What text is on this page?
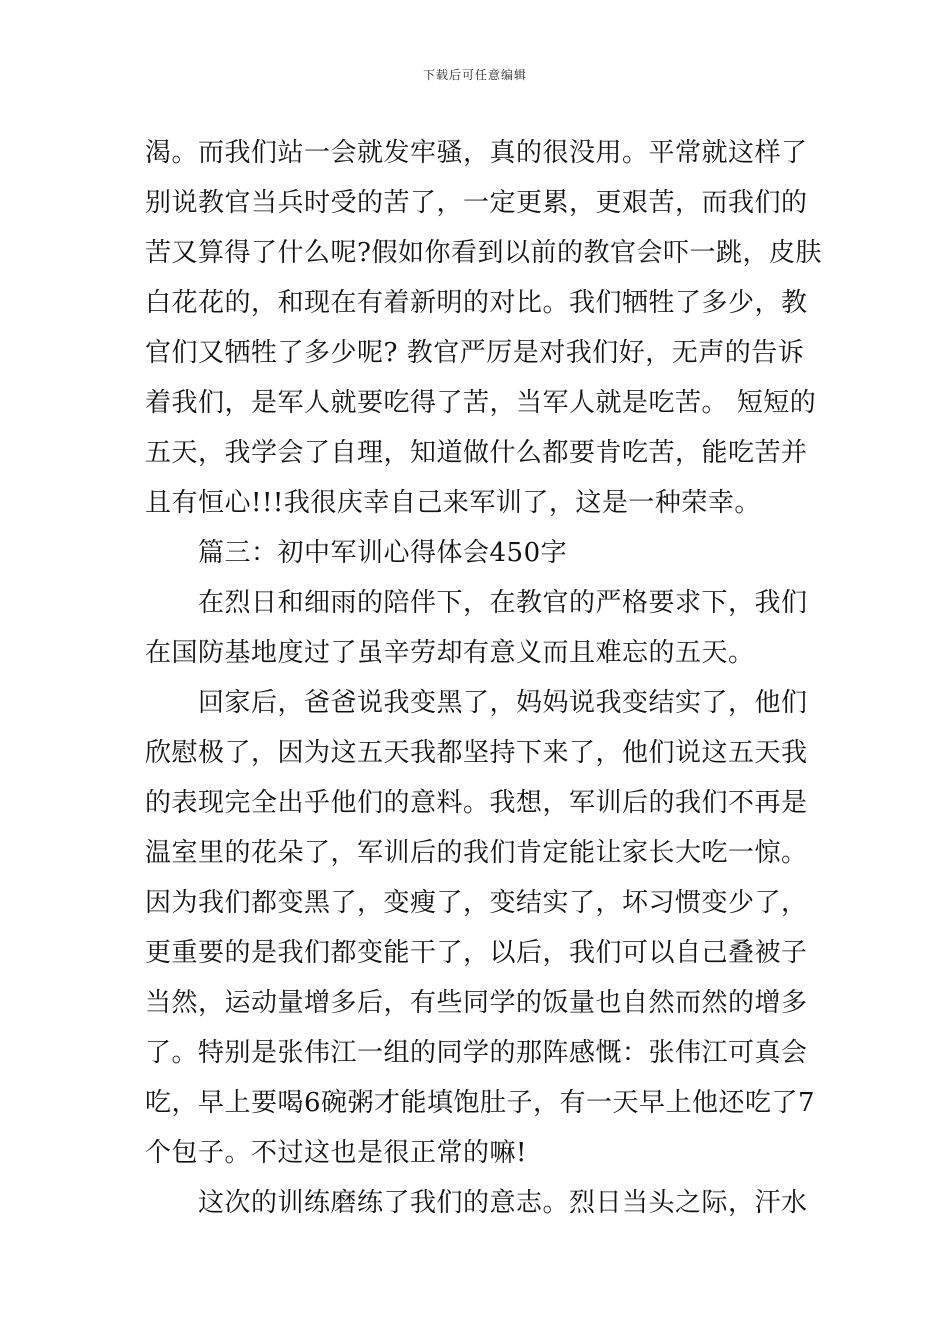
下载后可任意编辑
渴。而我们站一会就发牢骚，真的很没用。平常就这样了
别说教官当兵时受的苦了，一定更累，更艰苦，而我们的
苦又算得了什么呢?假如你看到以前的教官会吓一跳，皮肤
白花花的，和现在有着新明的对比。我们牺牲了多少，教
官们又牺牲了多少呢? 教官严厉是对我们好，无声的告诉
着我们，是军人就要吃得了苦，当军人就是吃苦。 短短的
五天，我学会了自理，知道做什么都要肯吃苦，能吃苦并
且有恒心!!!我很庆幸自己来军训了，这是一种荣幸。
篇三：初中军训心得体会450字
在烈日和细雨的陪伴下，在教官的严格要求下，我们
在国防基地度过了虽辛劳却有意义而且难忘的五天。
回家后，爸爸说我变黑了，妈妈说我变结实了，他们
欣慰极了，因为这五天我都坚持下来了，他们说这五天我
的表现完全出乎他们的意料。我想，军训后的我们不再是
温室里的花朵了，军训后的我们肯定能让家长大吃一惊。
因为我们都变黑了，变瘦了，变结实了，坏习惯变少了，
更重要的是我们都变能干了，以后，我们可以自己叠被子
当然，运动量增多后，有些同学的饭量也自然而然的增多
了。特别是张伟江一组的同学的那阵感慨：张伟江可真会
吃，早上要喝6碗粥才能填饱肚子，有一天早上他还吃了7
个包子。不过这也是很正常的嘛!
这次的训练磨练了我们的意志。烈日当头之际，汗水
